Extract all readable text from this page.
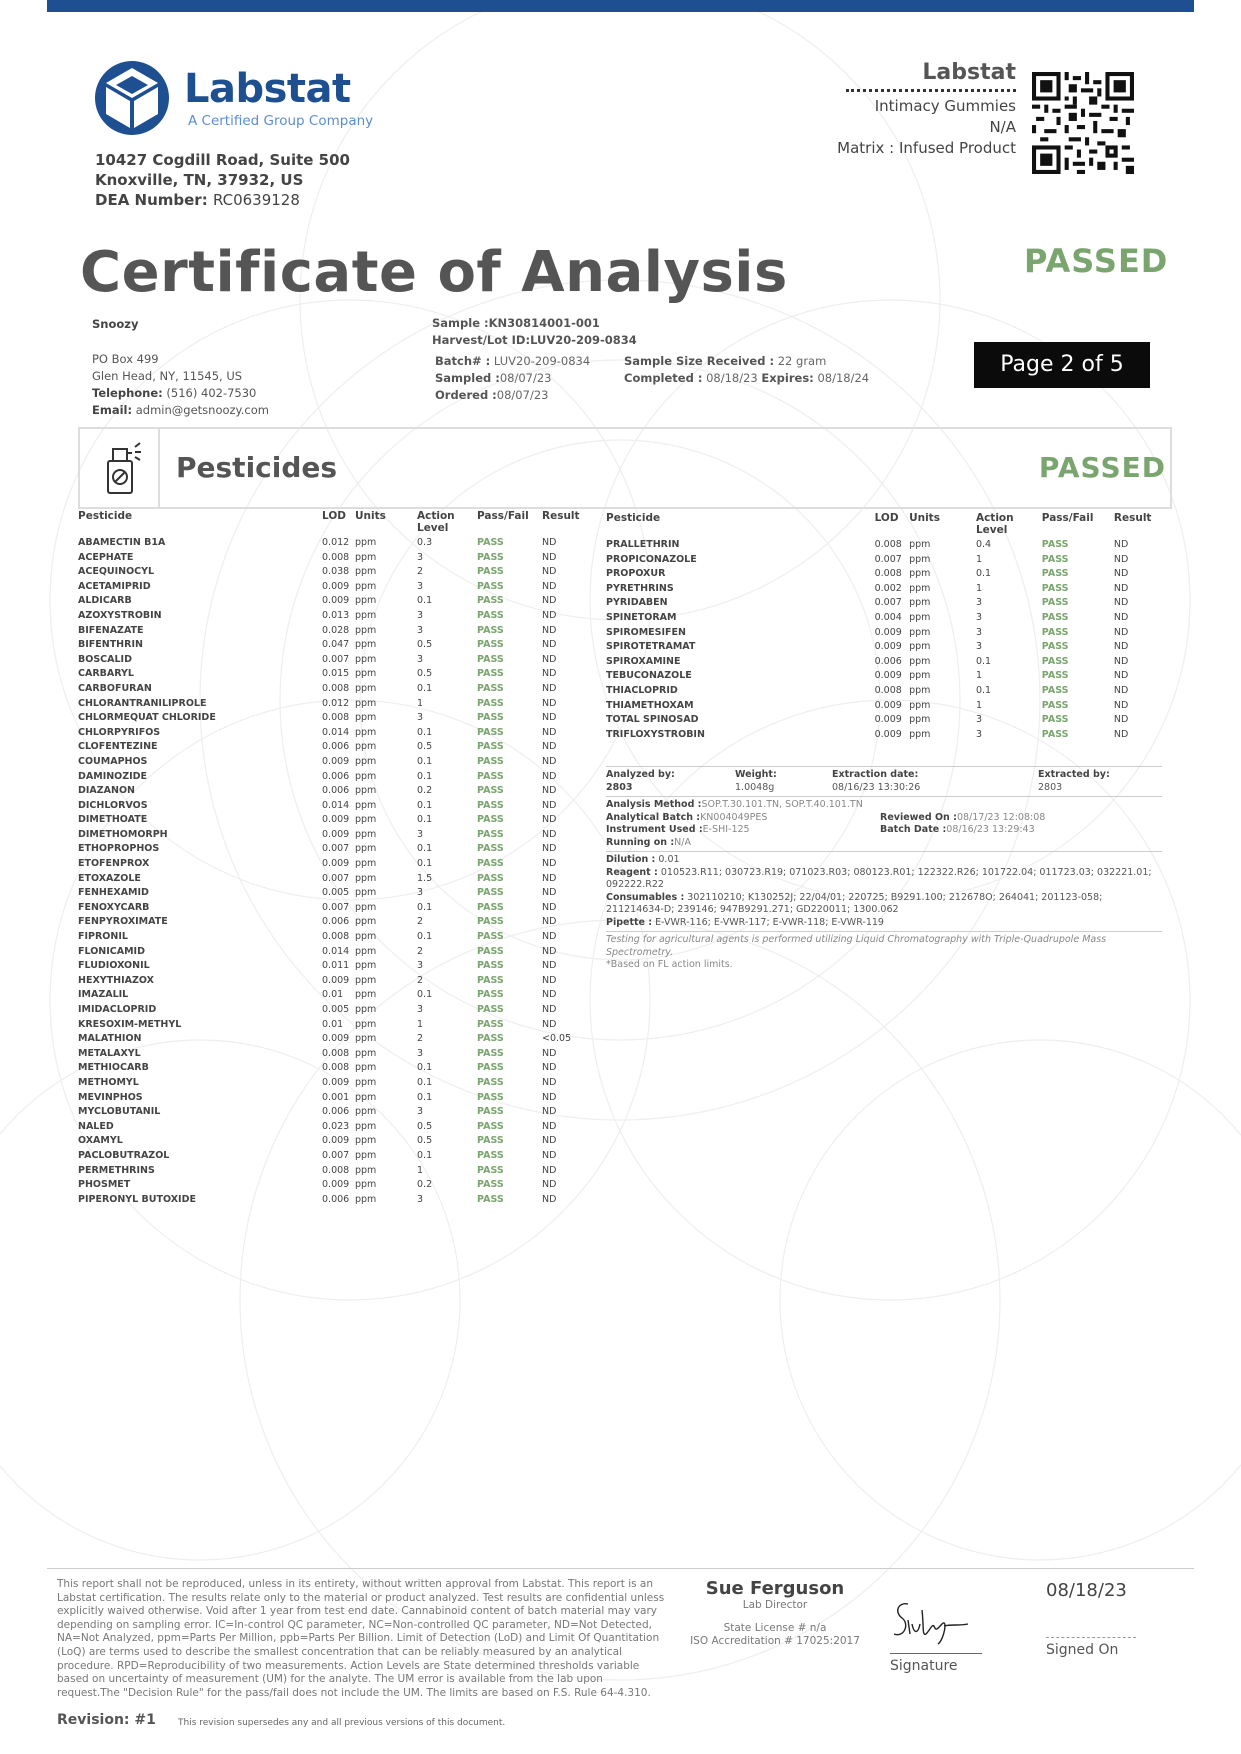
Labstat
A Certified Group Company
10427 Cogdill Road, Suite 500
Knoxville, TN, 37932, US
DEA Number: RC0639128
Labstat
Intimacy Gummies
N/A
Matrix : Infused Product
Certificate of Analysis	PASSED
Snoozy
PO Box 499
Glen Head, NY, 11545, US
Telephone: (516) 402-7530
Email: admin@getsnoozy.com
Sample :KN30814001-001
Harvest/Lot ID:LUV20-209-0834
Batch# : LUV20-209-0834
Sampled :08/07/23
Ordered :08/07/23
Sample Size Received : 22 gram
Completed : 08/18/23 Expires: 08/18/24
Page 2 of 5
Pesticides	PASSED
Pesticide	LOD	Units	Action Level	Pass/Fail	Result
ABAMECTIN B1A	0.012	ppm	0.3	PASS	ND
ACEPHATE	0.008	ppm	3	PASS	ND
ACEQUINOCYL	0.038	ppm	2	PASS	ND
ACETAMIPRID	0.009	ppm	3	PASS	ND
ALDICARB	0.009	ppm	0.1	PASS	ND
AZOXYSTROBIN	0.013	ppm	3	PASS	ND
BIFENAZATE	0.028	ppm	3	PASS	ND
BIFENTHRIN	0.047	ppm	0.5	PASS	ND
BOSCALID	0.007	ppm	3	PASS	ND
CARBARYL	0.015	ppm	0.5	PASS	ND
CARBOFURAN	0.008	ppm	0.1	PASS	ND
CHLORANTRANILIPROLE	0.012	ppm	1	PASS	ND
CHLORMEQUAT CHLORIDE	0.008	ppm	3	PASS	ND
CHLORPYRIFOS	0.014	ppm	0.1	PASS	ND
CLOFENTEZINE	0.006	ppm	0.5	PASS	ND
COUMAPHOS	0.009	ppm	0.1	PASS	ND
DAMINOZIDE	0.006	ppm	0.1	PASS	ND
DIAZANON	0.006	ppm	0.2	PASS	ND
DICHLORVOS	0.014	ppm	0.1	PASS	ND
DIMETHOATE	0.009	ppm	0.1	PASS	ND
DIMETHOMORPH	0.009	ppm	3	PASS	ND
ETHOPROPHOS	0.007	ppm	0.1	PASS	ND
ETOFENPROX	0.009	ppm	0.1	PASS	ND
ETOXAZOLE	0.007	ppm	1.5	PASS	ND
FENHEXAMID	0.005	ppm	3	PASS	ND
FENOXYCARB	0.007	ppm	0.1	PASS	ND
FENPYROXIMATE	0.006	ppm	2	PASS	ND
FIPRONIL	0.008	ppm	0.1	PASS	ND
FLONICAMID	0.014	ppm	2	PASS	ND
FLUDIOXONIL	0.011	ppm	3	PASS	ND
HEXYTHIAZOX	0.009	ppm	2	PASS	ND
IMAZALIL	0.01	ppm	0.1	PASS	ND
IMIDACLOPRID	0.005	ppm	3	PASS	ND
KRESOXIM-METHYL	0.01	ppm	1	PASS	ND
MALATHION	0.009	ppm	2	PASS	<0.05
METALAXYL	0.008	ppm	3	PASS	ND
METHIOCARB	0.008	ppm	0.1	PASS	ND
METHOMYL	0.009	ppm	0.1	PASS	ND
MEVINPHOS	0.001	ppm	0.1	PASS	ND
MYCLOBUTANIL	0.006	ppm	3	PASS	ND
NALED	0.023	ppm	0.5	PASS	ND
OXAMYL	0.009	ppm	0.5	PASS	ND
PACLOBUTRAZOL	0.007	ppm	0.1	PASS	ND
PERMETHRINS	0.008	ppm	1	PASS	ND
PHOSMET	0.009	ppm	0.2	PASS	ND
PIPERONYL BUTOXIDE	0.006	ppm	3	PASS	ND
Pesticide	LOD	Units	Action Level	Pass/Fail	Result
PRALLETHRIN	0.008	ppm	0.4	PASS	ND
PROPICONAZOLE	0.007	ppm	1	PASS	ND
PROPOXUR	0.008	ppm	0.1	PASS	ND
PYRETHRINS	0.002	ppm	1	PASS	ND
PYRIDABEN	0.007	ppm	3	PASS	ND
SPINETORAM	0.004	ppm	3	PASS	ND
SPIROMESIFEN	0.009	ppm	3	PASS	ND
SPIROTETRAMAT	0.009	ppm	3	PASS	ND
SPIROXAMINE	0.006	ppm	0.1	PASS	ND
TEBUCONAZOLE	0.009	ppm	1	PASS	ND
THIACLOPRID	0.008	ppm	0.1	PASS	ND
THIAMETHOXAM	0.009	ppm	1	PASS	ND
TOTAL SPINOSAD	0.009	ppm	3	PASS	ND
TRIFLOXYSTROBIN	0.009	ppm	3	PASS	ND
Analyzed by:
2803
Weight:
1.0048g
Extraction date:
08/16/23 13:30:26
Extracted by:
2803
Analysis Method :SOP.T.30.101.TN, SOP.T.40.101.TN
Analytical Batch :KN004049PES	Reviewed On :08/17/23 12:08:08
Instrument Used :E-SHI-125	Batch Date :08/16/23 13:29:43
Running on :N/A
Dilution : 0.01
Reagent : 010523.R11; 030723.R19; 071023.R03; 080123.R01; 122322.R26; 101722.04; 011723.03; 032221.01; 092222.R22
Consumables : 302110210; K130252J; 22/04/01; 220725; B9291.100; 212678O; 264041; 201123-058; 211214634-D; 239146; 947B9291.271; GD220011; 1300.062
Pipette : E-VWR-116; E-VWR-117; E-VWR-118; E-VWR-119
Testing for agricultural agents is performed utilizing Liquid Chromatography with Triple-Quadrupole Mass Spectrometry.
*Based on FL action limits.
This report shall not be reproduced, unless in its entirety, without written approval from Labstat. This report is an Labstat certification. The results relate only to the material or product analyzed. Test results are confidential unless explicitly waived otherwise. Void after 1 year from test end date. Cannabinoid content of batch material may vary depending on sampling error. IC=In-control QC parameter, NC=Non-controlled QC parameter, ND=Not Detected, NA=Not Analyzed, ppm=Parts Per Million, ppb=Parts Per Billion. Limit of Detection (LoD) and Limit Of Quantitation (LoQ) are terms used to describe the smallest concentration that can be reliably measured by an analytical procedure. RPD=Reproducibility of two measurements. Action Levels are State determined thresholds variable based on uncertainty of measurement (UM) for the analyte. The UM error is available from the lab upon request.The "Decision Rule" for the pass/fail does not include the UM. The limits are based on F.S. Rule 64-4.310.
Sue Ferguson
Lab Director
State License # n/a
ISO Accreditation # 17025:2017
Signature
08/18/23
Signed On
Revision: #1 This revision supersedes any and all previous versions of this document.
